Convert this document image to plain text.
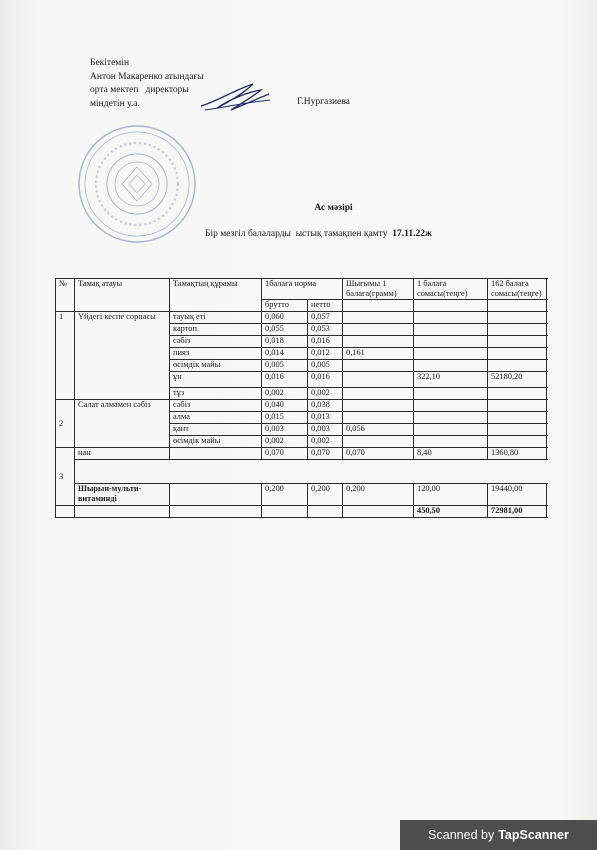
Бекітемін
Антон Макаренко атындағы
орта мектеп   директоры
міндетін у.а.	Г.Нургазиева
Ас мәзірі
Бір мезгіл балаларды  ыстық тамақпен қамту 17.11.22ж
№	Тамақ атауы	Тамақтың құрамы	1балаға норма		Шығымы 1 балаға(грамм)	1 балаға сомасы(теңге)	162 балаға сомасы(теңге)
			брутто	нетто			
1	Үйдегі кеспе сорпасы	тауық еті	0,060	0,057			
		картоп	0,055	0,053			
		сәбіз	0,018	0,016			
		пияз	0,014	0,012	0,161		
		өсімдік майы	0,005	0,005			
		ұн	0,016	0,016		322,10	52180,20
		тұз	0,002	0,002			
2	Салат алмамен сәбіз	сәбіз	0,040	0,038			
		алма	0,015	0,013			
		қант	0,003	0,003	0,056		
		өсімдік майы	0,002	0,002			
3	нан		0,070	0,070	0,070	8,40	1360,80

	Шырын-мульти-витаминді		0,200	0,200	0,200	120,00	19440,00
						450,50	72981,00
Scanned by TapScanner
